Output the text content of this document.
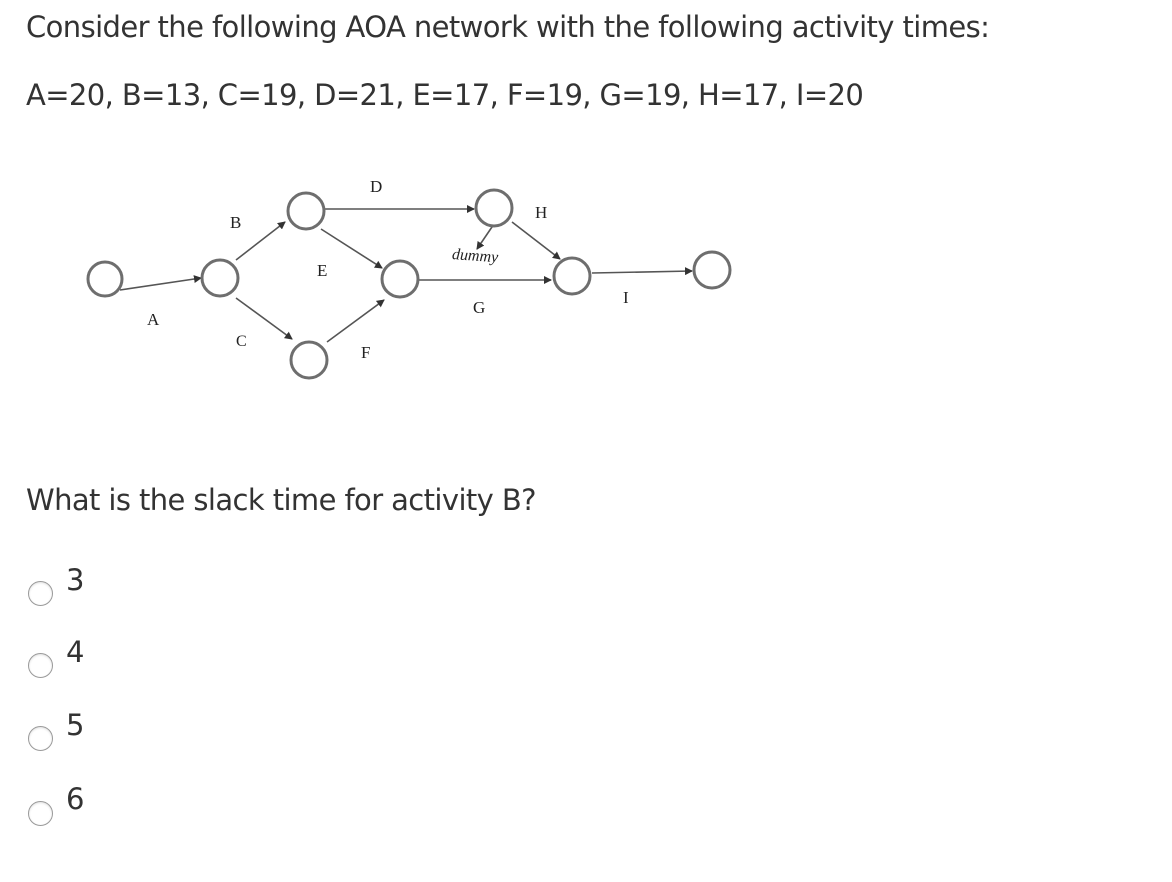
Consider the following AOA network with the following activity times:
A=20, B=13, C=19, D=21, E=17, F=19, G=19, H=17, I=20
A
B
C
D
E
F
G
H
I
dummy
What is the slack time for activity B?
3
4
5
6
